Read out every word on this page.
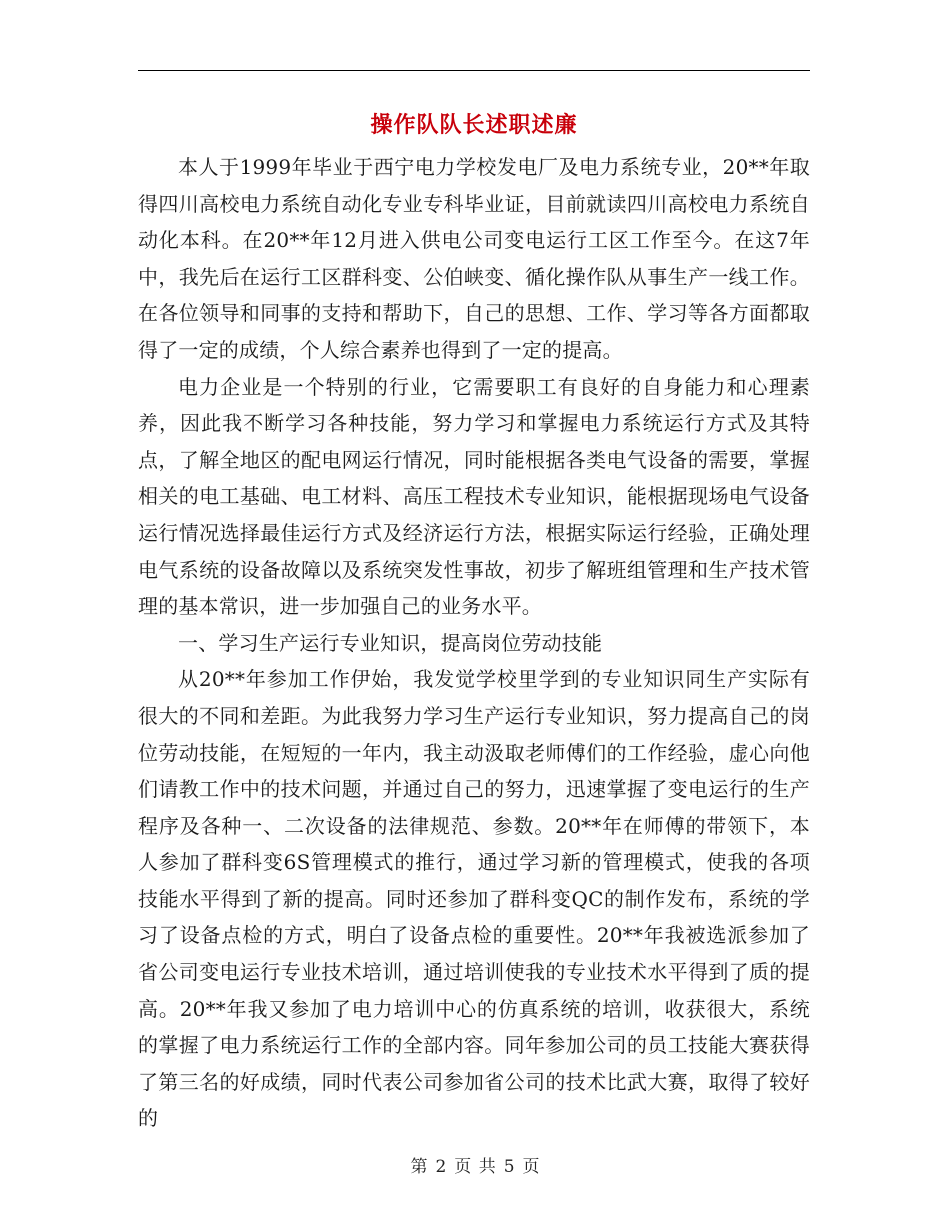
操作队队长述职述廉

本人于1999年毕业于西宁电力学校发电厂及电力系统专业，20**年取得四川高校电力系统自动化专业专科毕业证，目前就读四川高校电力系统自动化本科。在20**年12月进入供电公司变电运行工区工作至今。在这7年中，我先后在运行工区群科变、公伯峡变、循化操作队从事生产一线工作。在各位领导和同事的支持和帮助下，自己的思想、工作、学习等各方面都取得了一定的成绩，个人综合素养也得到了一定的提高。

电力企业是一个特别的行业，它需要职工有良好的自身能力和心理素养，因此我不断学习各种技能，努力学习和掌握电力系统运行方式及其特点，了解全地区的配电网运行情况，同时能根据各类电气设备的需要，掌握相关的电工基础、电工材料、高压工程技术专业知识，能根据现场电气设备运行情况选择最佳运行方式及经济运行方法，根据实际运行经验，正确处理电气系统的设备故障以及系统突发性事故，初步了解班组管理和生产技术管理的基本常识，进一步加强自己的业务水平。

一、学习生产运行专业知识，提高岗位劳动技能

从20**年参加工作伊始，我发觉学校里学到的专业知识同生产实际有很大的不同和差距。为此我努力学习生产运行专业知识，努力提高自己的岗位劳动技能，在短短的一年内，我主动汲取老师傅们的工作经验，虚心向他们请教工作中的技术问题，并通过自己的努力，迅速掌握了变电运行的生产程序及各种一、二次设备的法律规范、参数。20**年在师傅的带领下，本人参加了群科变6S管理模式的推行，通过学习新的管理模式，使我的各项技能水平得到了新的提高。同时还参加了群科变QC的制作发布，系统的学习了设备点检的方式，明白了设备点检的重要性。20**年我被选派参加了省公司变电运行专业技术培训，通过培训使我的专业技术水平得到了质的提高。20**年我又参加了电力培训中心的仿真系统的培训，收获很大，系统的掌握了电力系统运行工作的全部内容。同年参加公司的员工技能大赛获得了第三名的好成绩，同时代表公司参加省公司的技术比武大赛，取得了较好的

第 2 页 共 5 页
